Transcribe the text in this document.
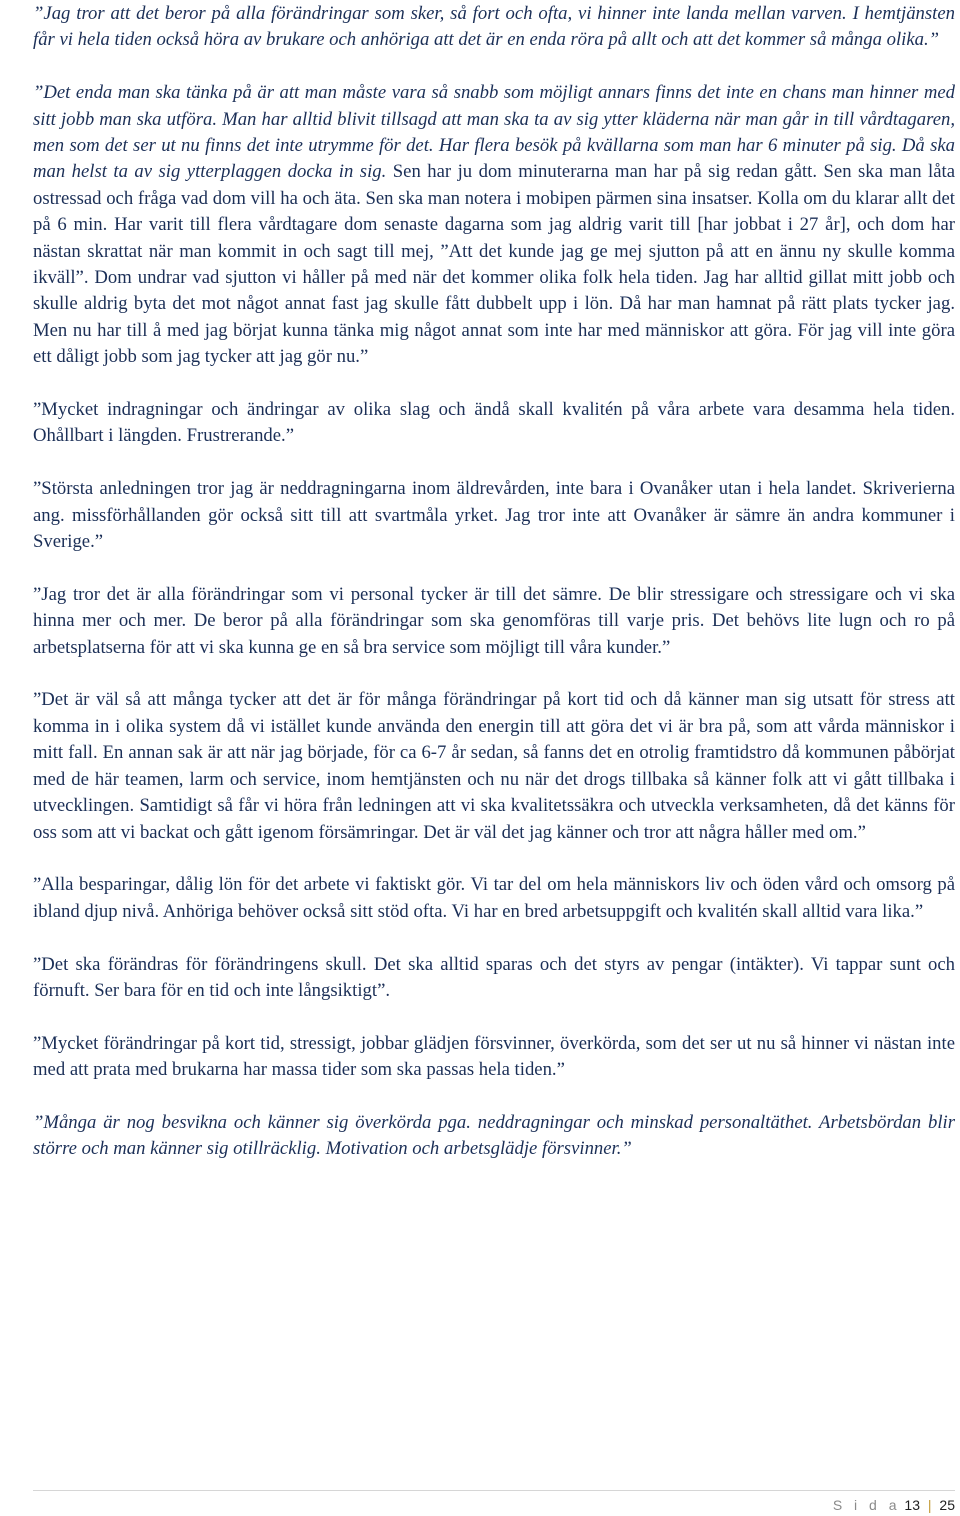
”Jag tror att det beror på alla förändringar som sker, så fort och ofta, vi hinner inte landa mellan varven. I hemtjänsten får vi hela tiden också höra av brukare och anhöriga att det är en enda röra på allt och att det kommer så många olika.”

”Det enda man ska tänka på är att man måste vara så snabb som möjligt annars finns det inte en chans man hinner med sitt jobb man ska utföra. Man har alltid blivit tillsagd att man ska ta av sig ytter kläderna när man går in till vårdtagaren, men som det ser ut nu finns det inte utrymme för det. Har flera besök på kvällarna som man har 6 minuter på sig. Då ska man helst ta av sig ytterplaggen docka in sig. Sen har ju dom minuterarna man har på sig redan gått. Sen ska man låta ostressad och fråga vad dom vill ha och äta. Sen ska man notera i mobipen pärmen sina insatser. Kolla om du klarar allt det på 6 min. Har varit till flera vårdtagare dom senaste dagarna som jag aldrig varit till [har jobbat i 27 år], och dom har nästan skrattat när man kommit in och sagt till mej, ”Att det kunde jag ge mej sjutton på att en ännu ny skulle komma ikväll”. Dom undrar vad sjutton vi håller på med när det kommer olika folk hela tiden. Jag har alltid gillat mitt jobb och skulle aldrig byta det mot något annat fast jag skulle fått dubbelt upp i lön. Då har man hamnat på rätt plats tycker jag. Men nu har till å med jag börjat kunna tänka mig något annat som inte har med människor att göra. För jag vill inte göra ett dåligt jobb som jag tycker att jag gör nu.”

”Mycket indragningar och ändringar av olika slag och ändå skall kvalitén på våra arbete vara desamma hela tiden. Ohållbart i längden. Frustrerande.”

”Största anledningen tror jag är neddragningarna inom äldrevården, inte bara i Ovanåker utan i hela landet. Skriverierna ang. missförhållanden gör också sitt till att svartmåla yrket. Jag tror inte att Ovanåker är sämre än andra kommuner i Sverige.”

”Jag tror det är alla förändringar som vi personal tycker är till det sämre. De blir stressigare och stressigare och vi ska hinna mer och mer. De beror på alla förändringar som ska genomföras till varje pris. Det behövs lite lugn och ro på arbetsplatserna för att vi ska kunna ge en så bra service som möjligt till våra kunder.”

”Det är väl så att många tycker att det är för många förändringar på kort tid och då känner man sig utsatt för stress att komma in i olika system då vi istället kunde använda den energin till att göra det vi är bra på, som att vårda människor i mitt fall. En annan sak är att när jag började, för ca 6-7 år sedan, så fanns det en otrolig framtidstro då kommunen påbörjat med de här teamen, larm och service, inom hemtjänsten och nu när det drogs tillbaka så känner folk att vi gått tillbaka i utvecklingen. Samtidigt så får vi höra från ledningen att vi ska kvalitetssäkra och utveckla verksamheten, då det känns för oss som att vi backat och gått igenom försämringar. Det är väl det jag känner och tror att några håller med om.”

”Alla besparingar, dålig lön för det arbete vi faktiskt gör. Vi tar del om hela människors liv och öden vård och omsorg på ibland djup nivå. Anhöriga behöver också sitt stöd ofta. Vi har en bred arbetsuppgift och kvalitén skall alltid vara lika.”

”Det ska förändras för förändringens skull. Det ska alltid sparas och det styrs av pengar (intäkter). Vi tappar sunt och förnuft. Ser bara för en tid och inte långsiktigt”.

”Mycket förändringar på kort tid, stressigt, jobbar glädjen försvinner, överkörda, som det ser ut nu så hinner vi nästan inte med att prata med brukarna har massa tider som ska passas hela tiden.”

”Många är nog besvikna och känner sig överkörda pga. neddragningar och minskad personaltäthet. Arbetsbördan blir större och man känner sig otillräcklig. Motivation och arbetsglädje försvinner.”

S i d a 13 | 25
